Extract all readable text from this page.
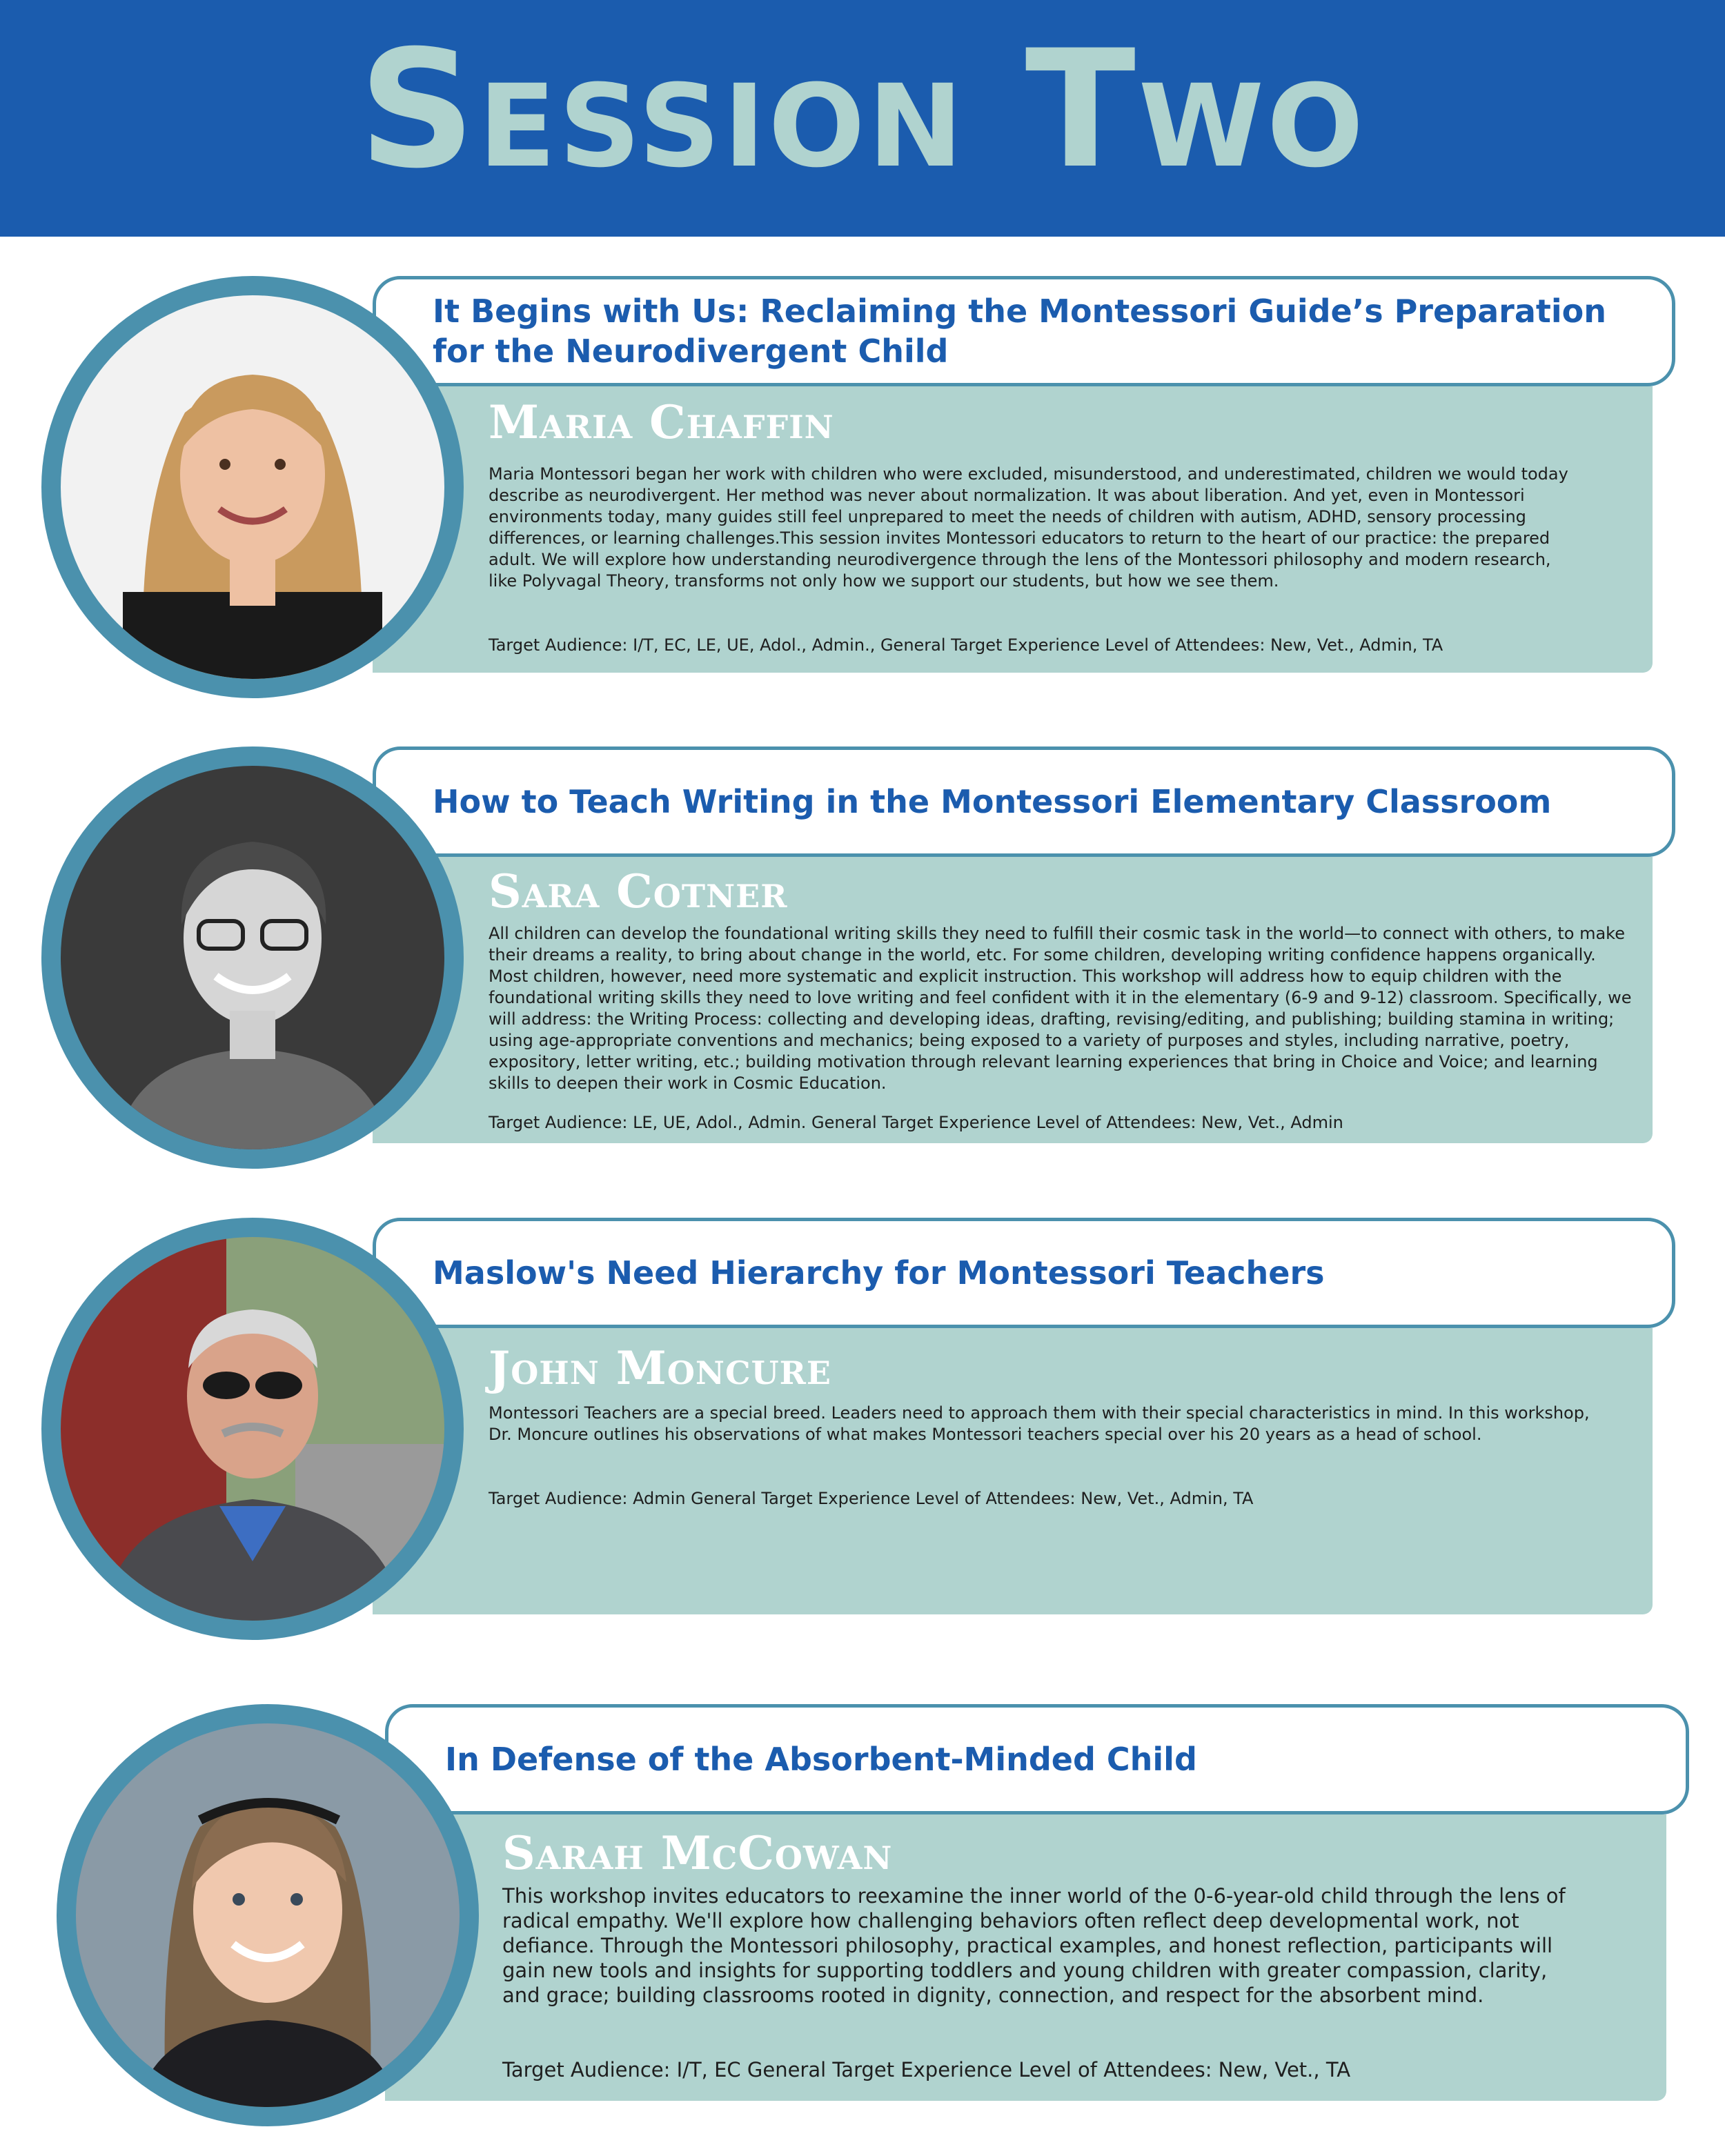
Session Two
It Begins with Us: Reclaiming the Montessori Guide’s Preparation for the Neurodivergent Child
Maria Chaffin

Maria Montessori began her work with children who were excluded, misunderstood, and underestimated, children we would today describe as neurodivergent. Her method was never about normalization. It was about liberation. And yet, even in Montessori environments today, many guides still feel unprepared to meet the needs of children with autism, ADHD, sensory processing differences, or learning challenges.This session invites Montessori educators to return to the heart of our practice: the prepared adult. We will explore how understanding neurodivergence through the lens of the Montessori philosophy and modern research, like Polyvagal Theory, transforms not only how we support our students, but how we see them.

Target Audience: I/T, EC, LE, UE, Adol., Admin., General Target Experience Level of Attendees: New, Vet., Admin, TA

How to Teach Writing in the Montessori Elementary Classroom
Sara Cotner

All children can develop the foundational writing skills they need to fulfill their cosmic task in the world—to connect with others, to make their dreams a reality, to bring about change in the world, etc. For some children, developing writing confidence happens organically. Most children, however, need more systematic and explicit instruction. This workshop will address how to equip children with the foundational writing skills they need to love writing and feel confident with it in the elementary (6-9 and 9-12) classroom. Specifically, we will address: the Writing Process: collecting and developing ideas, drafting, revising/editing, and publishing; building stamina in writing; using age-appropriate conventions and mechanics; being exposed to a variety of purposes and styles, including narrative, poetry, expository, letter writing, etc.; building motivation through relevant learning experiences that bring in Choice and Voice; and learning skills to deepen their work in Cosmic Education.

Target Audience: LE, UE, Adol., Admin. General Target Experience Level of Attendees: New, Vet., Admin

Maslow's Need Hierarchy for Montessori Teachers
John Moncure

Montessori Teachers are a special breed. Leaders need to approach them with their special characteristics in mind. In this workshop, Dr. Moncure outlines his observations of what makes Montessori teachers special over his 20 years as a head of school.

Target Audience: Admin General Target Experience Level of Attendees: New, Vet., Admin, TA

In Defense of the Absorbent-Minded Child
Sarah McCowan

This workshop invites educators to reexamine the inner world of the 0-6-year-old child through the lens of radical empathy. We'll explore how challenging behaviors often reflect deep developmental work, not defiance. Through the Montessori philosophy, practical examples, and honest reflection, participants will gain new tools and insights for supporting toddlers and young children with greater compassion, clarity, and grace; building classrooms rooted in dignity, connection, and respect for the absorbent mind.

Target Audience: I/T, EC General Target Experience Level of Attendees: New, Vet., TA
